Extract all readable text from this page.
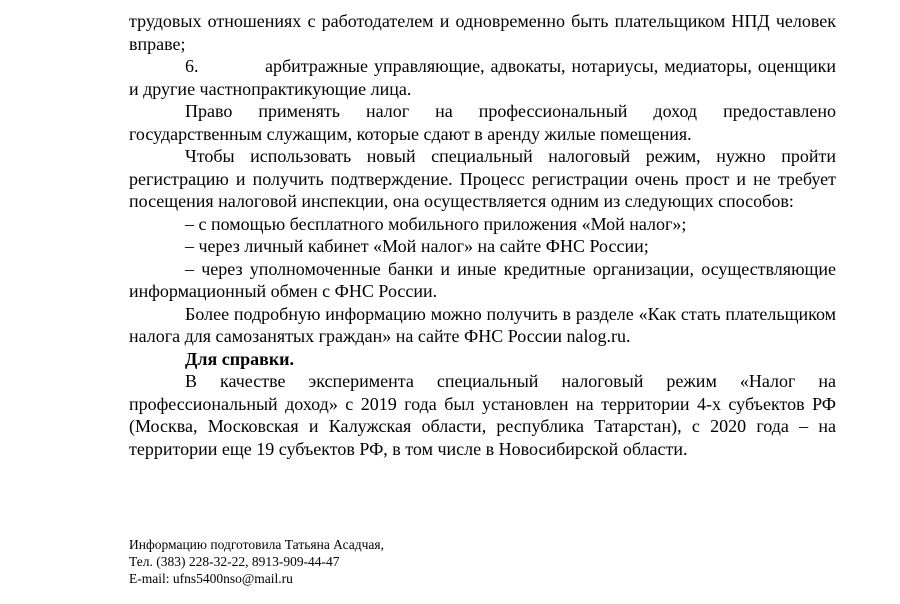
трудовых отношениях с работодателем и одновременно быть плательщиком НПД человек вправе;

6.	арбитражные управляющие, адвокаты, нотариусы, медиаторы, оценщики и другие частнопрактикующие лица.

Право применять налог на профессиональный доход предоставлено государственным служащим, которые сдают в аренду жилые помещения.

Чтобы использовать новый специальный налоговый режим, нужно пройти регистрацию и получить подтверждение. Процесс регистрации очень прост и не требует посещения налоговой инспекции, она осуществляется одним из следующих способов:

– с помощью бесплатного мобильного приложения «Мой налог»;

– через личный кабинет «Мой налог» на сайте ФНС России;

– через уполномоченные банки и иные кредитные организации, осуществляющие информационный обмен с ФНС России.

Более подробную информацию можно получить в разделе «Как стать плательщиком налога для самозанятых граждан» на сайте ФНС России nalog.ru.

Для справки.

В качестве эксперимента специальный налоговый режим «Налог на профессиональный доход» с 2019 года был установлен на территории 4-х субъектов РФ (Москва, Московская и Калужская области, республика Татарстан), с 2020 года – на территории еще 19 субъектов РФ, в том числе в Новосибирской области.

Информацию подготовила Татьяна Асадчая,
Тел. (383) 228-32-22, 8913-909-44-47
E-mail: ufns5400nso@mail.ru
